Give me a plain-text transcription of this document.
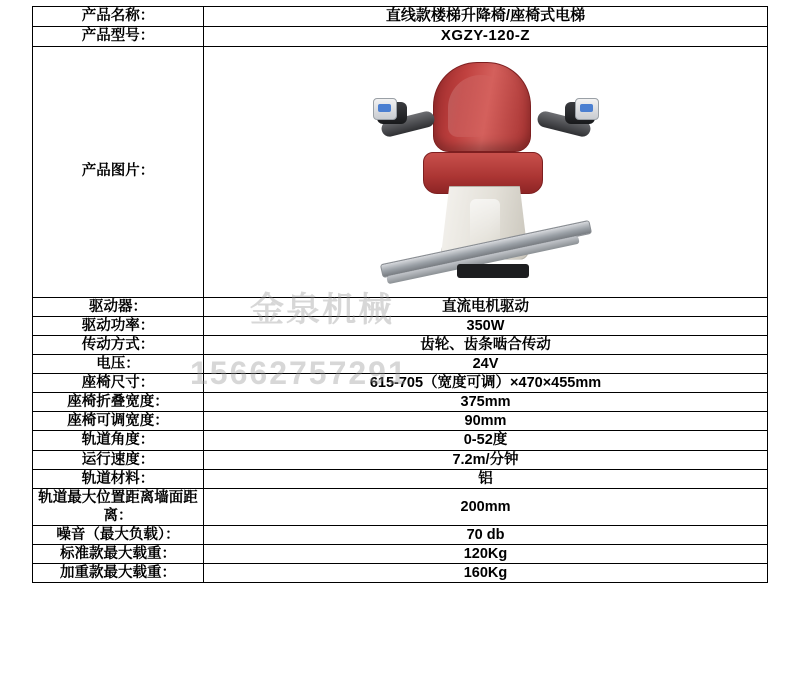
产品名称：	直线款楼梯升降椅/座椅式电梯
产品型号：	XGZY-120-Z
产品图片：	

驱动器：	直流电机驱动
驱动功率：	350W
传动方式：	齿轮、齿条啮合传动
电压：	24V
座椅尺寸：	615-705（宽度可调）×470×455mm
座椅折叠宽度：	375mm
座椅可调宽度：	90mm
轨道角度：	0-52度
运行速度：	7.2m/分钟
轨道材料：	铝
轨道最大位置距离墙面距离：	200mm
噪音（最大负载）：	70 db
标准款最大载重：	120Kg
加重款最大载重：	160Kg
金泉机械
15662757291
